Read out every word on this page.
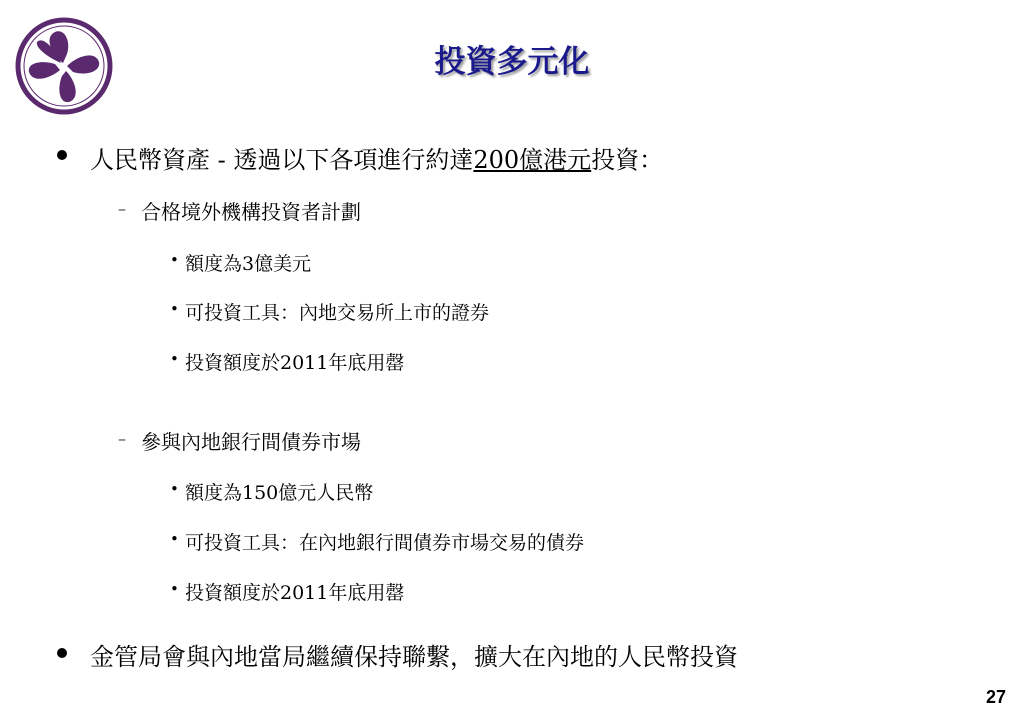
投資多元化
人民幣資產 - 透過以下各項進行約達200億港元投資：
– 合格境外機構投資者計劃
• 額度為3億美元
• 可投資工具：內地交易所上市的證券
• 投資額度於2011年底用罄
– 參與內地銀行間債券市場
• 額度為150億元人民幣
• 可投資工具：在內地銀行間債券市場交易的債券
• 投資額度於2011年底用罄
金管局會與內地當局繼續保持聯繫，擴大在內地的人民幣投資
27
